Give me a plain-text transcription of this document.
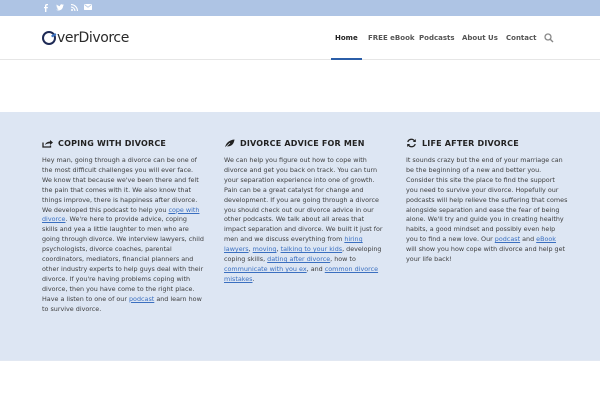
verDivorce	Home FREE eBook Podcasts About Us Contact
COPING WITH DIVORCE
Hey man, going through a divorce can be one of the most difficult challenges you will ever face. We know that because we've been there and felt the pain that comes with it. We also know that things improve, there is happiness after divorce. We developed this podcast to help you cope with divorce. We're here to provide advice, coping skills and yea a little laughter to men who are going through divorce. We interview lawyers, child psychologists, divorce coaches, parental coordinators, mediators, financial planners and other industry experts to help guys deal with their divorce. If you're having problems coping with divorce, then you have come to the right place. Have a listen to one of our podcast and learn how to survive divorce.
DIVORCE ADVICE FOR MEN
We can help you figure out how to cope with divorce and get you back on track. You can turn your separation experience into one of growth. Pain can be a great catalyst for change and development. If you are going through a divorce you should check out our divorce advice in our other podcasts. We talk about all areas that impact separation and divorce. We built it just for men and we discuss everything from hiring lawyers, moving, talking to your kids, developing coping skills, dating after divorce, how to communicate with you ex, and common divorce mistakes.
LIFE AFTER DIVORCE
It sounds crazy but the end of your marriage can be the beginning of a new and better you. Consider this site the place to find the support you need to survive your divorce. Hopefully our podcasts will help relieve the suffering that comes alongside separation and ease the fear of being alone. We'll try and guide you in creating healthy habits, a good mindset and possibly even help you to find a new love. Our podcast and eBook will show you how cope with divorce and help get your life back!
